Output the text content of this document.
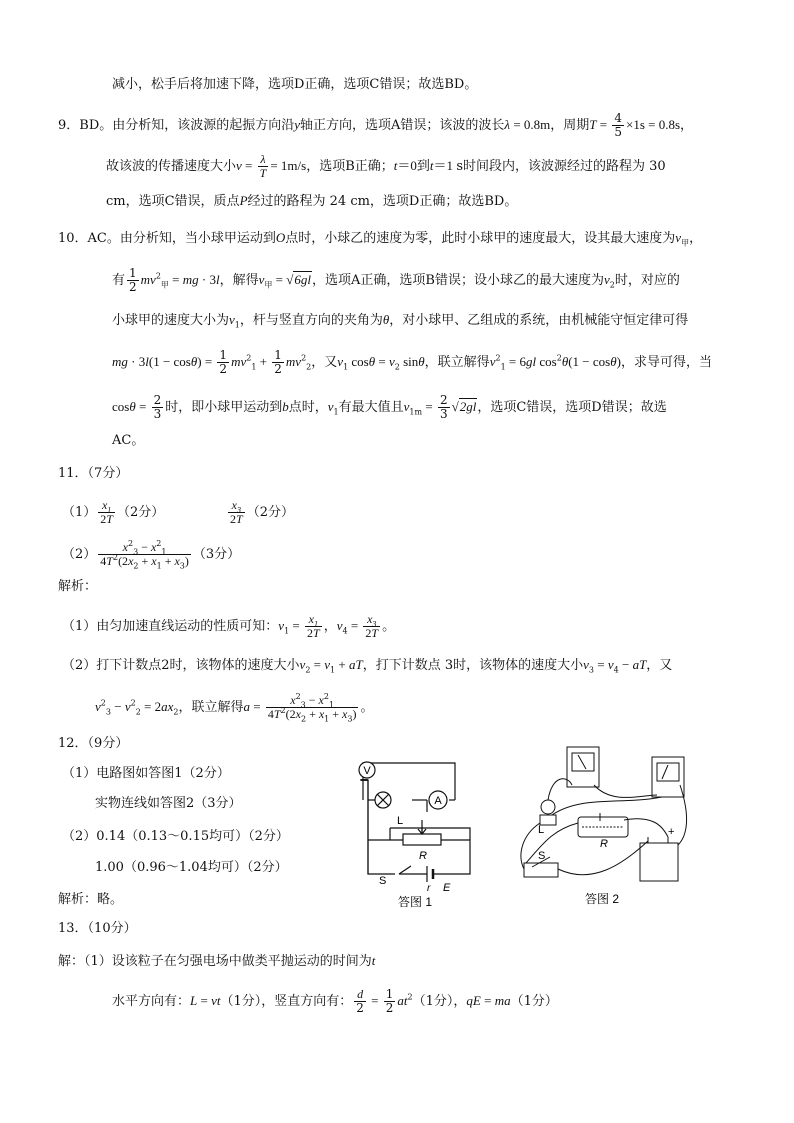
减小，松手后将加速下降，选项D正确，选项C错误；故选BD。
9．BD。由分析知，该波源的起振方向沿y轴正方向，选项A错误；该波的波长λ = 0.8m，周期$T = \frac{4}{5} \times 1s = 0.8s$，
故该波的传播速度大小$v = \frac{\lambda}{T} = 1m/s$，选项B正确；t＝0到t＝1 s时间段内，该波源经过的路程为 30
cm，选项C错误，质点P经过的路程为 24 cm，选项D正确；故选BD。
10．AC。由分析知，当小球甲运动到O点时，小球乙的速度为零，此时小球甲的速度最大，设其最大速度为$v_甲$，
有 $\frac{1}{2} mv^2_甲$ = mg · 3l，解得$v_甲 = √6gl$，选项A正确，选项B错误；设小球乙的最大速度为$v_2$时，对应的
小球甲的速度大小为$v_1$，杆与竖直方向的夹角为θ，对小球甲、乙组成的系统，由机械能守恒定律可得
mg · $3l(1 - \cos\theta) = \frac{1}{2} mv^2_1 + \frac{1}{2} mv^2_2$，又$v_1$ $\cos\theta = v_2$ sinθ，联立解得$v^2_1 = 6gl$ $\cos^2\theta(1 - \cos\theta)$，求导可得，当
$\cos\theta = \frac{2}{3}$ 时，即小球甲运动到b点时，$v_1$有最大值且$v_{1m} = \frac{2}{3} √2gl$，选项C错误，选项D错误；故选
AC。
11．（7分）
$(1) \frac{x_1}{2T} (2$分）	$\frac{x_3}{2T} (2$分）
$(2) \frac{x^2_3 - x^2_1}{4T^2(2x_2 + x_1 + x_3)} (3$分）
解析：
（1）由匀加速直线运动的性质可知：$v_1 = \frac{x_1}{2T}$ ，$v_4 = \frac{x_3}{2T}$ 。
（2）打下计数点2时，该物体的速度大小$v_2 = v_1$ + aT，打下计数点 3时，该物体的速度大小$v_3 = v_4$ − aT，又
$v^2_3 - v^2_2 = 2ax_2$，联立解得$a = \frac{x^2_3 - x^2_1}{4T^2(2x_2 + x_1 + x_3)}$ 。
12．（9分）
（1）电路图如答图1（2分）
实物连线如答图2（3分）
（2）0.14（0.13～0.15均可）（2分）
1.00（0.96～1.04均可）（2分）
解析：略。
V
A
L
R
S
r E
答图 1
L
R
S
+
答图 2
13．（10分）
解：（1）设该粒子在匀强电场中做类平抛运动的时间为t
水平方向有：L = vt（1分），竖直方向有： $\frac{d}{2} = \frac{1}{2} at^2(1$分），qE = ma（1分）
